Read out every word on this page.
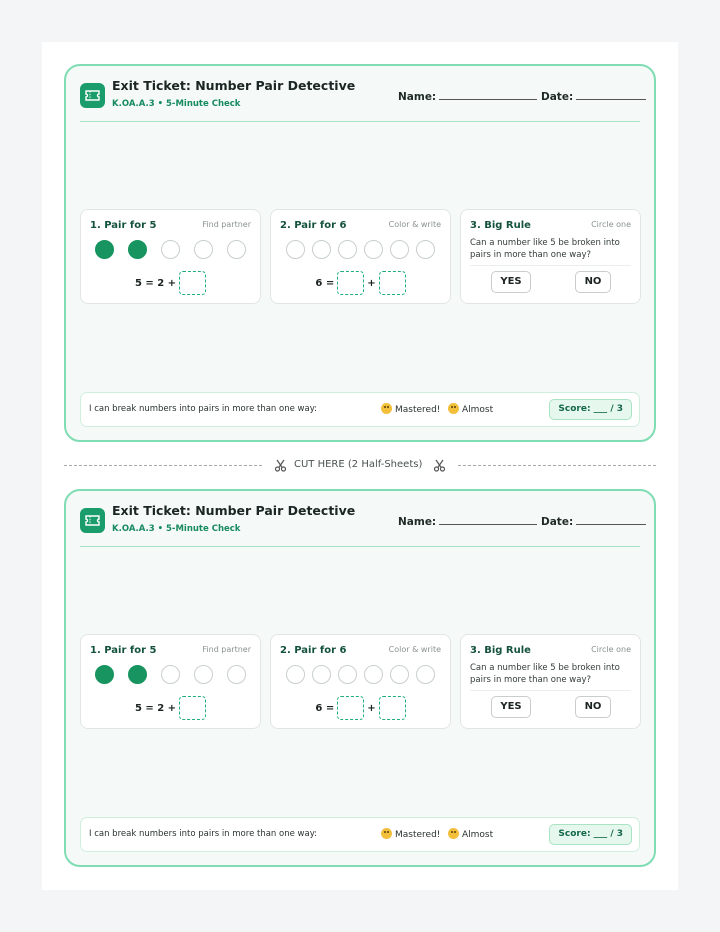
Exit Ticket: Number Pair Detective
K.OA.A.3 • 5-Minute Check
Name:	Date:
1. Pair for 5	Find partner
5 = 2 +
2. Pair for 6	Color & write
6 =	+
3. Big Rule	Circle one
Can a number like 5 be broken into pairs in more than one way?
YES	NO
I can break numbers into pairs in more than one way:	Mastered!	Almost	Score: ___ / 3
CUT HERE (2 Half-Sheets)
Exit Ticket: Number Pair Detective
K.OA.A.3 • 5-Minute Check
Name:	Date:
1. Pair for 5	Find partner
5 = 2 +
2. Pair for 6	Color & write
6 =	+
3. Big Rule	Circle one
Can a number like 5 be broken into pairs in more than one way?
YES	NO
I can break numbers into pairs in more than one way:	Mastered!	Almost	Score: ___ / 3
